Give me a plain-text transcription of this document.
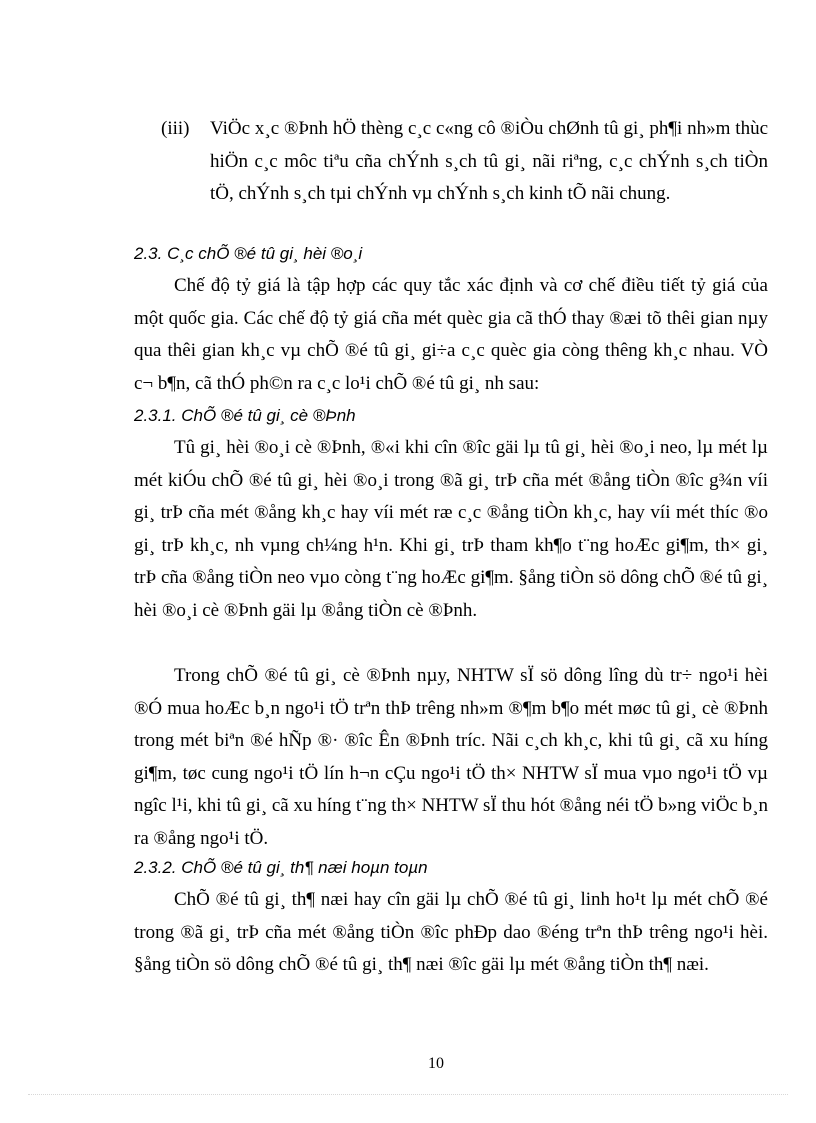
(iii) ViÖc x¸c ®Þnh hÖ thèng c¸c c«ng cô ®iÒu chØnh tû gi¸ ph¶i nh»m thùc hiÖn c¸c môc tiªu cña chÝnh s¸ch tû gi¸ nãi riªng, c¸c chÝnh s¸ch tiÒn tÖ, chÝnh s¸ch tµi chÝnh vµ chÝnh s¸ch kinh tÕ nãi chung.

2.3. C¸c chÕ ®é tû gi¸ hèi ®o¸i

Chế độ tỷ giá là tập hợp các quy tắc xác định và cơ chế điều tiết tỷ giá của một quốc gia. Các chế độ tỷ giá cña mét quèc gia cã thÓ thay ®æi tõ thêi gian nµy qua thêi gian kh¸c vµ chÕ ®é tû gi¸ gi÷a c¸c quèc gia còng thêng kh¸c nhau. VÒ c¬ b¶n, cã thÓ ph©n ra c¸c lo¹i chÕ ®é tû gi¸ nh sau:

2.3.1. ChÕ ®é tû gi¸ cè ®Þnh

Tû gi¸ hèi ®o¸i cè ®Þnh, ®«i khi cîn ®îc gäi lµ tû gi¸ hèi ®o¸i neo, lµ mét lµ mét kiÓu chÕ ®é tû gi¸ hèi ®o¸i trong ®ã gi¸ trÞ cña mét ®ång tiÒn ®îc g¾n víi gi¸ trÞ cña mét ®ång kh¸c hay víi mét ræ c¸c ®ång tiÒn kh¸c, hay víi mét thíc ®o gi¸ trÞ kh¸c, nh vµng ch¼ng h¹n. Khi gi¸ trÞ tham kh¶o t¨ng hoÆc gi¶m, th× gi¸ trÞ cña ®ång tiÒn neo vµo còng t¨ng hoÆc gi¶m. §ång tiÒn sö dông chÕ ®é tû gi¸ hèi ®o¸i cè ®Þnh gäi lµ ®ång tiÒn cè ®Þnh.

Trong chÕ ®é tû gi¸ cè ®Þnh nµy, NHTW sÏ sö dông lîng dù tr÷ ngo¹i hèi ®Ó mua hoÆc b¸n ngo¹i tÖ trªn thÞ trêng nh»m ®¶m b¶o mét møc tû gi¸ cè ®Þnh trong mét biªn ®é hÑp ®· ®îc Ên ®Þnh tríc. Nãi c¸ch kh¸c, khi tû gi¸ cã xu híng gi¶m, tøc cung ngo¹i tÖ lín h¬n cÇu ngo¹i tÖ th× NHTW sÏ mua vµo ngo¹i tÖ vµ ngîc l¹i, khi tû gi¸ cã xu híng t¨ng th× NHTW sÏ thu hót ®ång néi tÖ b»ng viÖc b¸n ra ®ång ngo¹i tÖ.

2.3.2. ChÕ ®é tû gi¸ th¶ næi hoµn toµn

ChÕ ®é tû gi¸ th¶ næi hay cîn gäi lµ chÕ ®é tû gi¸ linh ho¹t lµ mét chÕ ®é trong ®ã gi¸ trÞ cña mét ®ång tiÒn ®îc phÐp dao ®éng trªn thÞ trêng ngo¹i hèi. §ång tiÒn sö dông chÕ ®é tû gi¸ th¶ næi ®îc gäi lµ mét ®ång tiÒn th¶ næi.

10
